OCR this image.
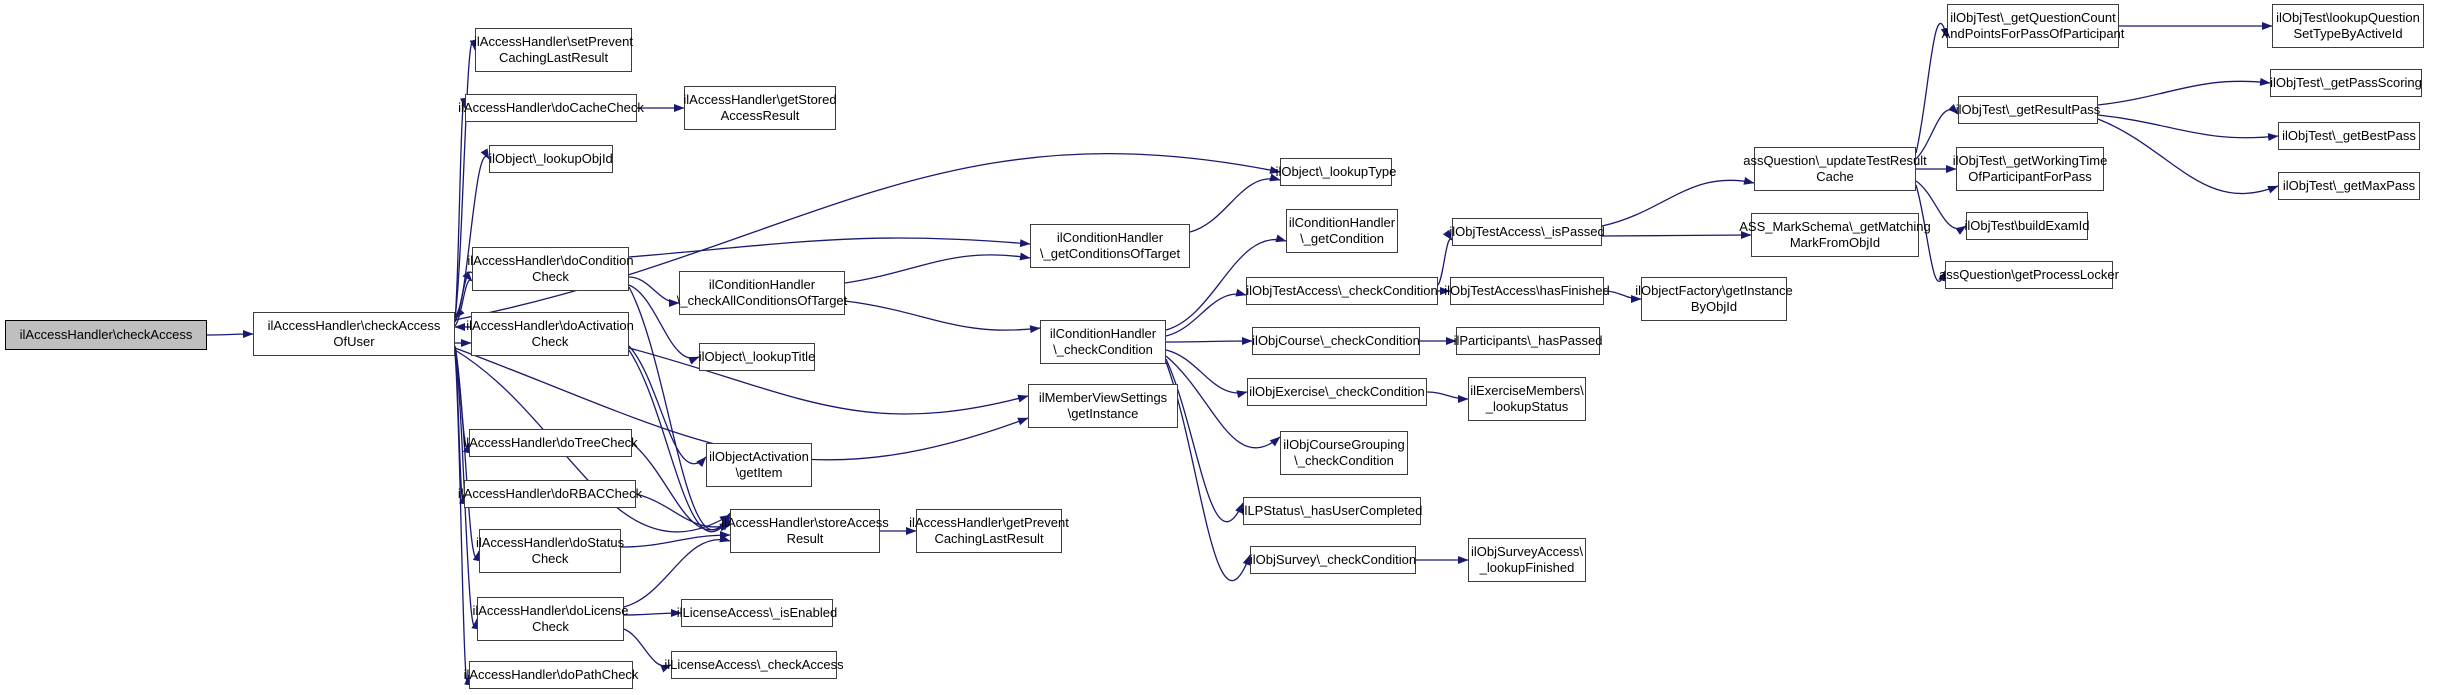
ilAccessHandler\checkAccess
ilAccessHandler\checkAccess
OfUser
ilAccessHandler\setPrevent
CachingLastResult
ilAccessHandler\doCacheCheck
ilAccessHandler\getStored
AccessResult
ilObject\_lookupObjId
ilAccessHandler\doCondition
Check
ilAccessHandler\doActivation
Check
ilAccessHandler\doTreeCheck
ilAccessHandler\doRBACCheck
ilAccessHandler\doStatus
Check
ilAccessHandler\doLicense
Check
ilAccessHandler\doPathCheck
ilConditionHandler
\_checkAllConditionsOfTarget
ilObject\_lookupTitle
ilObjectActivation
\getItem
ilAccessHandler\storeAccess
Result
ilAccessHandler\getPrevent
CachingLastResult
ilLicenseAccess\_isEnabled
ilLicenseAccess\_checkAccess
ilConditionHandler
\_getConditionsOfTarget
ilConditionHandler
\_checkCondition
ilMemberViewSettings
\getInstance
ilObject\_lookupType
ilConditionHandler
\_getCondition
ilObjTestAccess\_checkCondition
ilObjCourse\_checkCondition
ilObjExercise\_checkCondition
ilObjCourseGrouping
\_checkCondition
ilLPStatus\_hasUserCompleted
ilObjSurvey\_checkCondition
ilObjTestAccess\_isPassed
ilObjTestAccess\hasFinished
ilParticipants\_hasPassed
ilExerciseMembers\
_lookupStatus
ilObjSurveyAccess\
_lookupFinished
assQuestion\_updateTestResult
Cache
ASS_MarkSchema\_getMatching
MarkFromObjId
ilObjectFactory\getInstance
ByObjId
assQuestion\getProcessLocker
ilObjTest\_getQuestionCount
AndPointsForPassOfParticipant
ilObjTest\_getResultPass
ilObjTest\_getWorkingTime
OfParticipantForPass
ilObjTest\buildExamId
ilObjTest\lookupQuestion
SetTypeByActiveId
ilObjTest\_getPassScoring
ilObjTest\_getBestPass
ilObjTest\_getMaxPass
